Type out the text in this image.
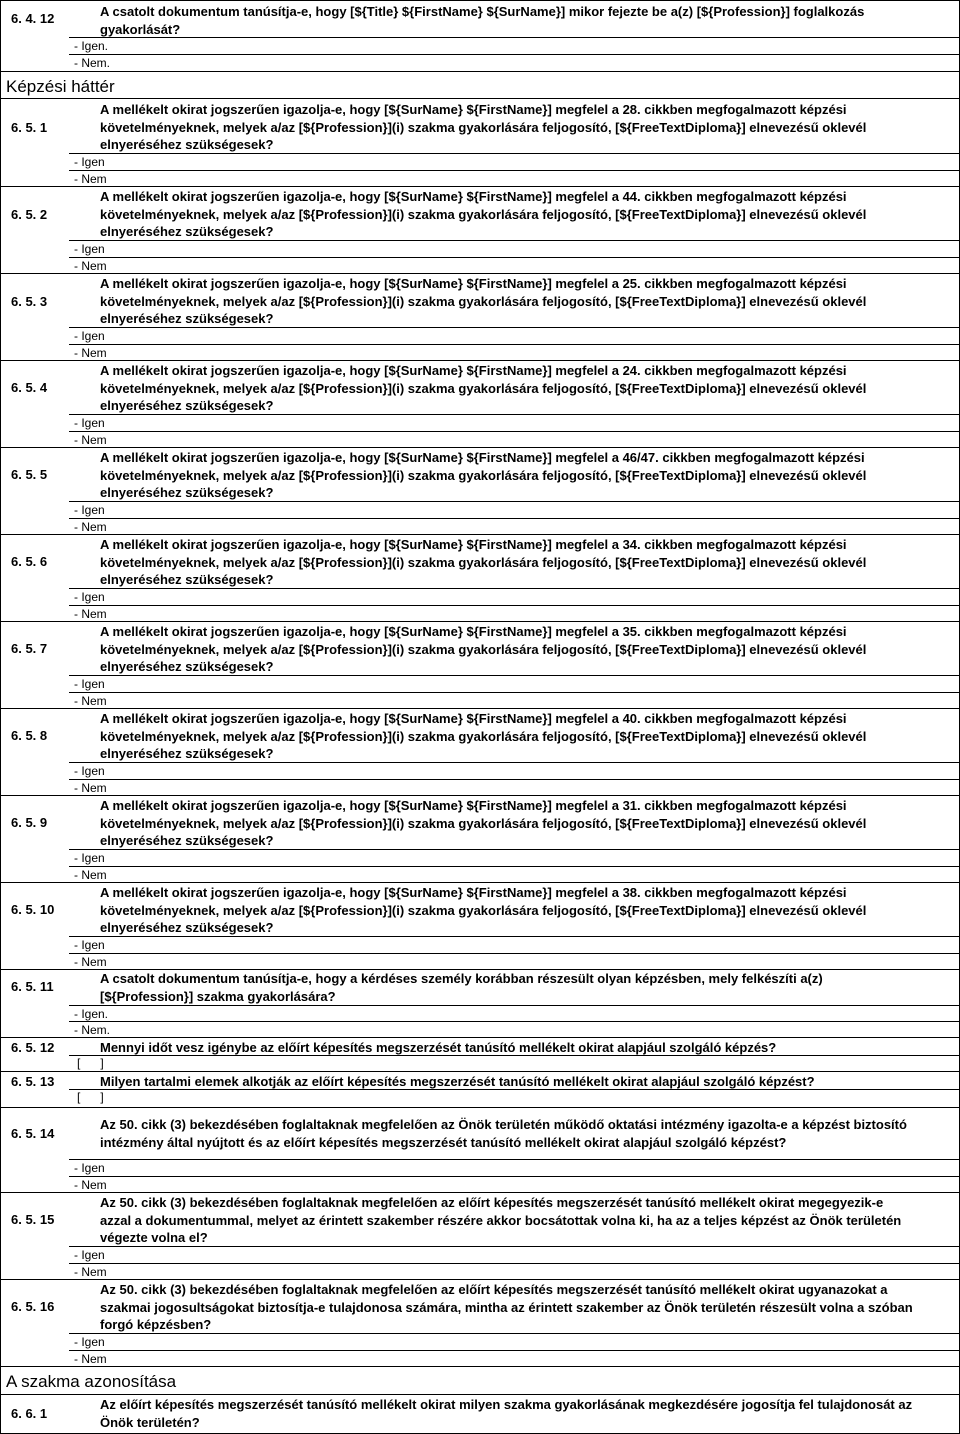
6. 4. 12	A csatolt dokumentum tanúsítja-e, hogy [${Title} ${FirstName} ${SurName}] mikor fejezte be a(z) [${Profession}] foglalkozás
gyakorlását?
- Igen.
- Nem.
Képzési háttér
6. 5. 1
A mellékelt okirat jogszerűen igazolja-e, hogy [${SurName} ${FirstName}] megfelel a 28. cikkben megfogalmazott képzési
követelményeknek, melyek a/az [${Profession}](i) szakma gyakorlására feljogosító, [${FreeTextDiploma}] elnevezésű oklevél
elnyeréséhez szükségesek?
- Igen
- Nem
6. 5. 2
A mellékelt okirat jogszerűen igazolja-e, hogy [${SurName} ${FirstName}] megfelel a 44. cikkben megfogalmazott képzési
követelményeknek, melyek a/az [${Profession}](i) szakma gyakorlására feljogosító, [${FreeTextDiploma}] elnevezésű oklevél
elnyeréséhez szükségesek?
- Igen
- Nem
6. 5. 3
A mellékelt okirat jogszerűen igazolja-e, hogy [${SurName} ${FirstName}] megfelel a 25. cikkben megfogalmazott képzési
követelményeknek, melyek a/az [${Profession}](i) szakma gyakorlására feljogosító, [${FreeTextDiploma}] elnevezésű oklevél
elnyeréséhez szükségesek?
- Igen
- Nem
6. 5. 4
A mellékelt okirat jogszerűen igazolja-e, hogy [${SurName} ${FirstName}] megfelel a 24. cikkben megfogalmazott képzési
követelményeknek, melyek a/az [${Profession}](i) szakma gyakorlására feljogosító, [${FreeTextDiploma}] elnevezésű oklevél
elnyeréséhez szükségesek?
- Igen
- Nem
6. 5. 5
A mellékelt okirat jogszerűen igazolja-e, hogy [${SurName} ${FirstName}] megfelel a 46/47. cikkben megfogalmazott képzési
követelményeknek, melyek a/az [${Profession}](i) szakma gyakorlására feljogosító, [${FreeTextDiploma}] elnevezésű oklevél
elnyeréséhez szükségesek?
- Igen
- Nem
6. 5. 6
A mellékelt okirat jogszerűen igazolja-e, hogy [${SurName} ${FirstName}] megfelel a 34. cikkben megfogalmazott képzési
követelményeknek, melyek a/az [${Profession}](i) szakma gyakorlására feljogosító, [${FreeTextDiploma}] elnevezésű oklevél
elnyeréséhez szükségesek?
- Igen
- Nem
6. 5. 7
A mellékelt okirat jogszerűen igazolja-e, hogy [${SurName} ${FirstName}] megfelel a 35. cikkben megfogalmazott képzési
követelményeknek, melyek a/az [${Profession}](i) szakma gyakorlására feljogosító, [${FreeTextDiploma}] elnevezésű oklevél
elnyeréséhez szükségesek?
- Igen
- Nem
6. 5. 8
A mellékelt okirat jogszerűen igazolja-e, hogy [${SurName} ${FirstName}] megfelel a 40. cikkben megfogalmazott képzési
követelményeknek, melyek a/az [${Profession}](i) szakma gyakorlására feljogosító, [${FreeTextDiploma}] elnevezésű oklevél
elnyeréséhez szükségesek?
- Igen
- Nem
6. 5. 9
A mellékelt okirat jogszerűen igazolja-e, hogy [${SurName} ${FirstName}] megfelel a 31. cikkben megfogalmazott képzési
követelményeknek, melyek a/az [${Profession}](i) szakma gyakorlására feljogosító, [${FreeTextDiploma}] elnevezésű oklevél
elnyeréséhez szükségesek?
- Igen
- Nem
6. 5. 10
A mellékelt okirat jogszerűen igazolja-e, hogy [${SurName} ${FirstName}] megfelel a 38. cikkben megfogalmazott képzési
követelményeknek, melyek a/az [${Profession}](i) szakma gyakorlására feljogosító, [${FreeTextDiploma}] elnevezésű oklevél
elnyeréséhez szükségesek?
- Igen
- Nem
6. 5. 11
A csatolt dokumentum tanúsítja-e, hogy a kérdéses személy korábban részesült olyan képzésben, mely felkészíti a(z)
[${Profession}] szakma gyakorlására?
- Igen.
- Nem.
6. 5. 12	Mennyi időt vesz igénybe az előírt képesítés megszerzését tanúsító mellékelt okirat alapjául szolgáló képzés?
[      ]
6. 5. 13	Milyen tartalmi elemek alkotják az előírt képesítés megszerzését tanúsító mellékelt okirat alapjául szolgáló képzést?
[      ]
6. 5. 14
Az 50. cikk (3) bekezdésében foglaltaknak megfelelően az Önök területén működő oktatási intézmény igazolta-e a képzést biztosító
intézmény által nyújtott és az előírt képesítés megszerzését tanúsító mellékelt okirat alapjául szolgáló képzést?
- Igen
- Nem
6. 5. 15
Az 50. cikk (3) bekezdésében foglaltaknak megfelelően az előírt képesítés megszerzését tanúsító mellékelt okirat megegyezik-e
azzal a dokumentummal, melyet az érintett szakember részére akkor bocsátottak volna ki, ha az a teljes képzést az Önök területén
végezte volna el?
- Igen
- Nem
6. 5. 16
Az 50. cikk (3) bekezdésében foglaltaknak megfelelően az előírt képesítés megszerzését tanúsító mellékelt okirat ugyanazokat a
szakmai jogosultságokat biztosítja-e tulajdonosa számára, mintha az érintett szakember az Önök területén részesült volna a szóban
forgó képzésben?
- Igen
- Nem
A szakma azonosítása
6. 6. 1
Az előírt képesítés megszerzését tanúsító mellékelt okirat milyen szakma gyakorlásának megkezdésére jogosítja fel tulajdonosát az
Önök területén?
